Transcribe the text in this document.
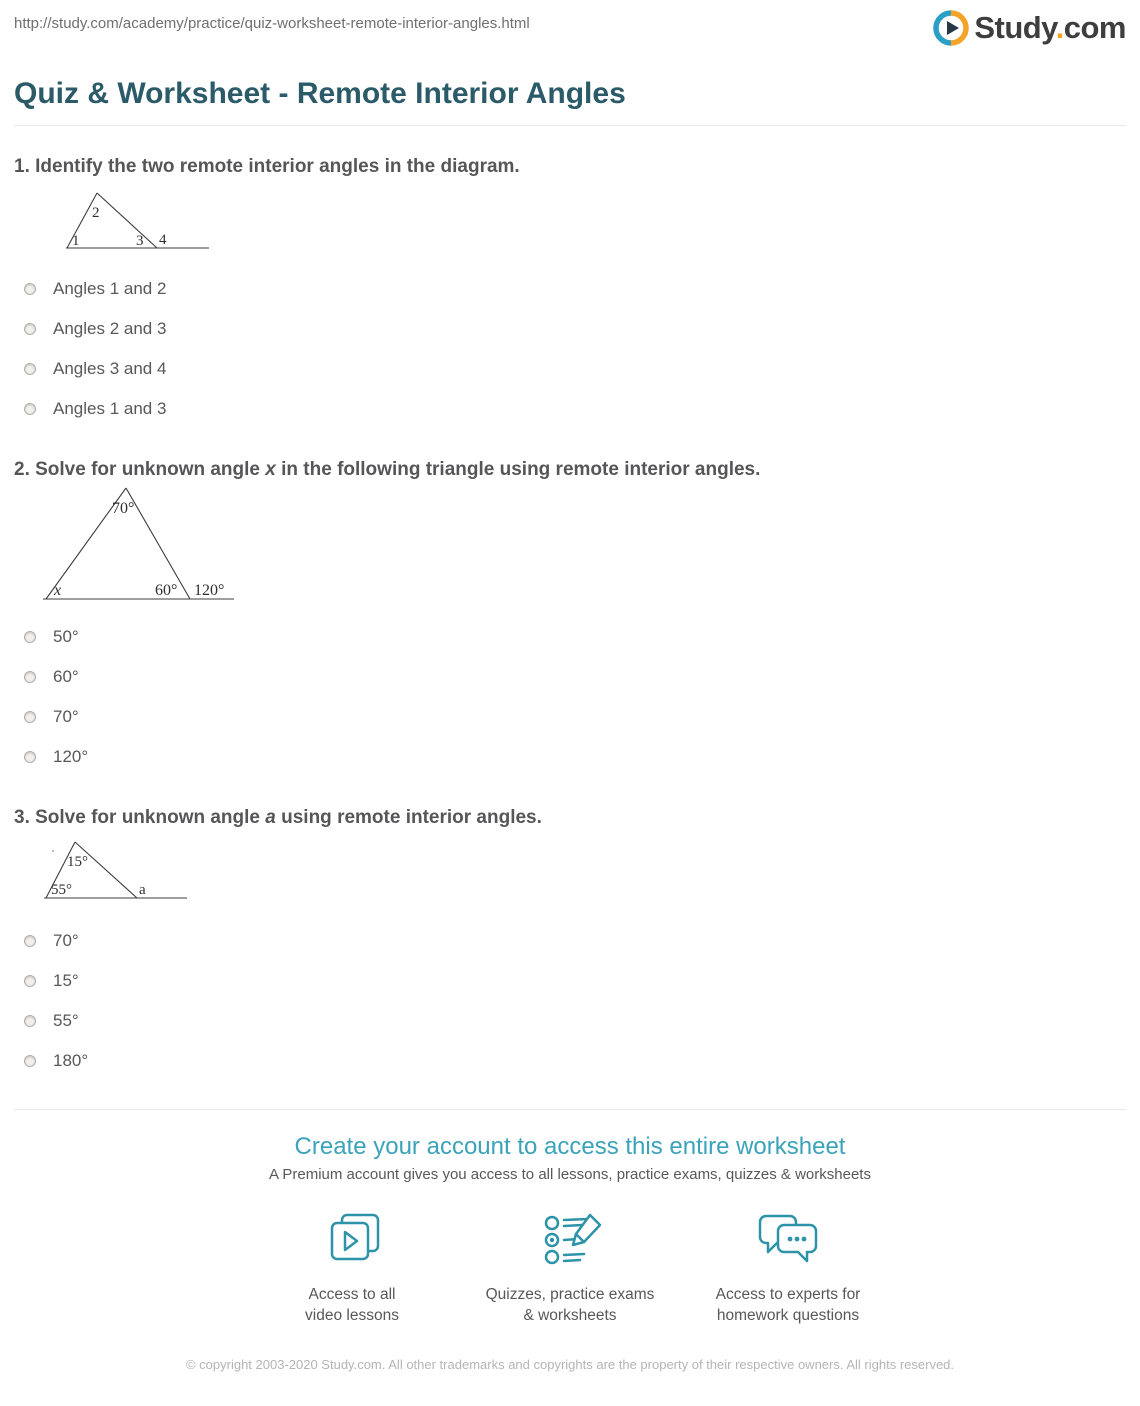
http://study.com/academy/practice/quiz-worksheet-remote-interior-angles.html	Study.com
Quiz & Worksheet - Remote Interior Angles
1. Identify the two remote interior angles in the diagram.
2
1	3 4
Angles 1 and 2
Angles 2 and 3
Angles 3 and 4
Angles 1 and 3
2. Solve for unknown angle x in the following triangle using remote interior angles.
70°
x	60° 120°
50°
60°
70°
120°
3. Solve for unknown angle a using remote interior angles.
15°
55°	a
70°
15°
55°
180°
Create your account to access this entire worksheet

A Premium account gives you access to all lessons, practice exams, quizzes & worksheets

Access to all
video lessons

Quizzes, practice exams
& worksheets

Access to experts for
homework questions

© copyright 2003-2020 Study.com. All other trademarks and copyrights are the property of their respective owners. All rights reserved.
